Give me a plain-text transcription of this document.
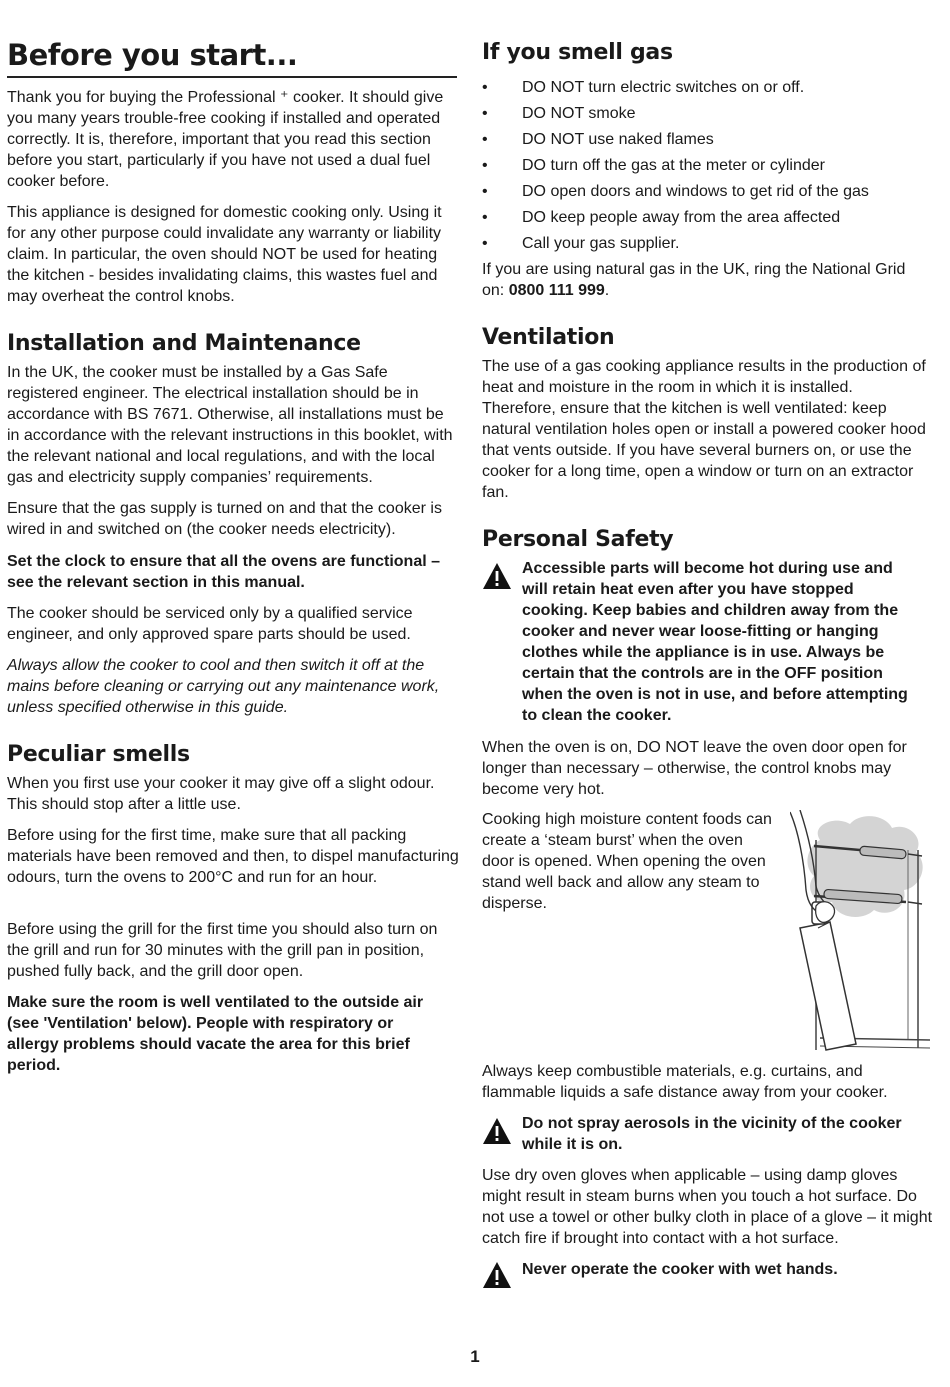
Before you start...

Thank you for buying the Professional ⁺ cooker. It should give you many years trouble-free cooking if installed and operated correctly. It is, therefore, important that you read this section before you start, particularly if you have not used a dual fuel cooker before.

This appliance is designed for domestic cooking only. Using it for any other purpose could invalidate any warranty or liability claim. In particular, the oven should NOT be used for heating the kitchen - besides invalidating claims, this wastes fuel and may overheat the control knobs.

Installation and Maintenance

In the UK, the cooker must be installed by a Gas Safe registered engineer. The electrical installation should be in accordance with BS 7671. Otherwise, all installations must be in accordance with the relevant instructions in this booklet, with the relevant national and local regulations, and with the local gas and electricity supply companies’ requirements.

Ensure that the gas supply is turned on and that the cooker is wired in and switched on (the cooker needs electricity).

Set the clock to ensure that all the ovens are functional – see the relevant section in this manual.

The cooker should be serviced only by a qualified service engineer, and only approved spare parts should be used.

Always allow the cooker to cool and then switch it off at the mains before cleaning or carrying out any maintenance work, unless specified otherwise in this guide.

Peculiar smells

When you first use your cooker it may give off a slight odour. This should stop after a little use.

Before using for the first time, make sure that all packing materials have been removed and then, to dispel manufacturing odours, turn the ovens to 200°C and run for an hour.

Before using the grill for the first time you should also turn on the grill and run for 30 minutes with the grill pan in position, pushed fully back, and the grill door open.

Make sure the room is well ventilated to the outside air (see 'Ventilation' below). People with respiratory or allergy problems should vacate the area for this brief period.

If you smell gas
• DO NOT turn electric switches on or off.
• DO NOT smoke
• DO NOT use naked flames
• DO turn off the gas at the meter or cylinder
• DO open doors and windows to get rid of the gas
• DO keep people away from the area affected
• Call your gas supplier.

If you are using natural gas in the UK, ring the National Grid on: 0800 111 999.

Ventilation

The use of a gas cooking appliance results in the production of heat and moisture in the room in which it is installed. Therefore, ensure that the kitchen is well ventilated: keep natural ventilation holes open or install a powered cooker hood that vents outside. If you have several burners on, or use the cooker for a long time, open a window or turn on an extractor fan.

Personal Safety

Accessible parts will become hot during use and will retain heat even after you have stopped cooking. Keep babies and children away from the cooker and never wear loose-fitting or hanging clothes while the appliance is in use. Always be certain that the controls are in the OFF position when the oven is not in use, and before attempting to clean the cooker.

When the oven is on, DO NOT leave the oven door open for longer than necessary – otherwise, the control knobs may become very hot.

Cooking high moisture content foods can create a ‘steam burst’ when the oven door is opened. When opening the oven stand well back and allow any steam to disperse.

Always keep combustible materials, e.g. curtains, and flammable liquids a safe distance away from your cooker.

Do not spray aerosols in the vicinity of the cooker while it is on.

Use dry oven gloves when applicable – using damp gloves might result in steam burns when you touch a hot surface. Do not use a towel or other bulky cloth in place of a glove – it might catch fire if brought into contact with a hot surface.

Never operate the cooker with wet hands.

1
